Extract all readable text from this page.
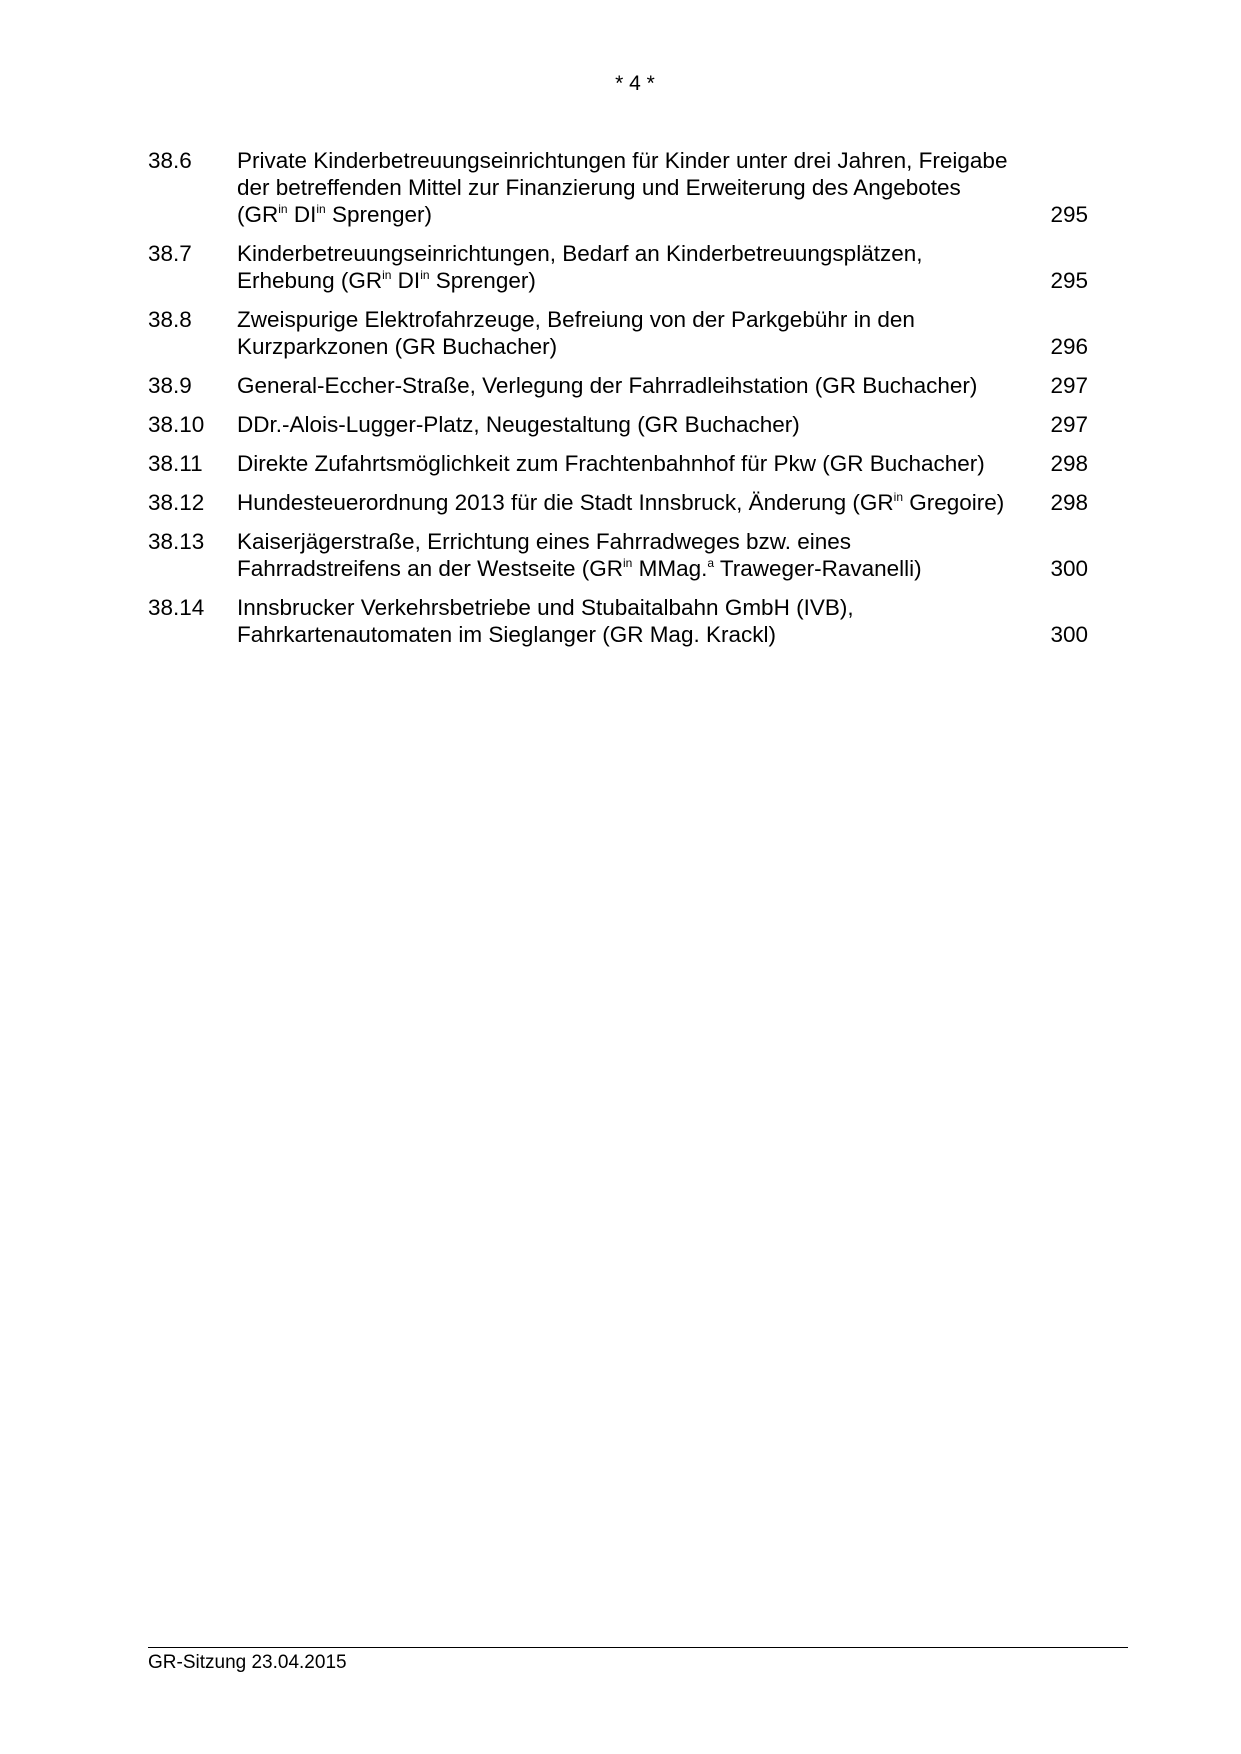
* 4 *
38.6	Private Kinderbetreuungseinrichtungen für Kinder unter drei Jahren, Freigabe
der betreffenden Mittel zur Finanzierung und Erweiterung des Angebotes
($GR^{in}$ $DI^{in}$ Sprenger)	295
38.7	Kinderbetreuungseinrichtungen, Bedarf an Kinderbetreuungsplätzen,
Erhebung ($GR^{in}$ $DI^{in}$ Sprenger)	295
38.8	Zweispurige Elektrofahrzeuge, Befreiung von der Parkgebühr in den
Kurzparkzonen (GR Buchacher)	296
38.9	General-Eccher-Straße, Verlegung der Fahrradleihstation (GR Buchacher)	297
38.10	DDr.-Alois-Lugger-Platz, Neugestaltung (GR Buchacher)	297
38.11	Direkte Zufahrtsmöglichkeit zum Frachtenbahnhof für Pkw (GR Buchacher)	298
38.12	Hundesteuerordnung 2013 für die Stadt Innsbruck, Änderung ($GR^{in}$ Gregoire)	298
38.13	Kaiserjägerstraße, Errichtung eines Fahrradweges bzw. eines
Fahrradstreifens an der Westseite ($GR^{in}$ MMag.$^a$ Traweger-Ravanelli)	300
38.14	Innsbrucker Verkehrsbetriebe und Stubaitalbahn GmbH (IVB),
Fahrkartenautomaten im Sieglanger (GR Mag. Krackl)	300
GR-Sitzung 23.04.2015
